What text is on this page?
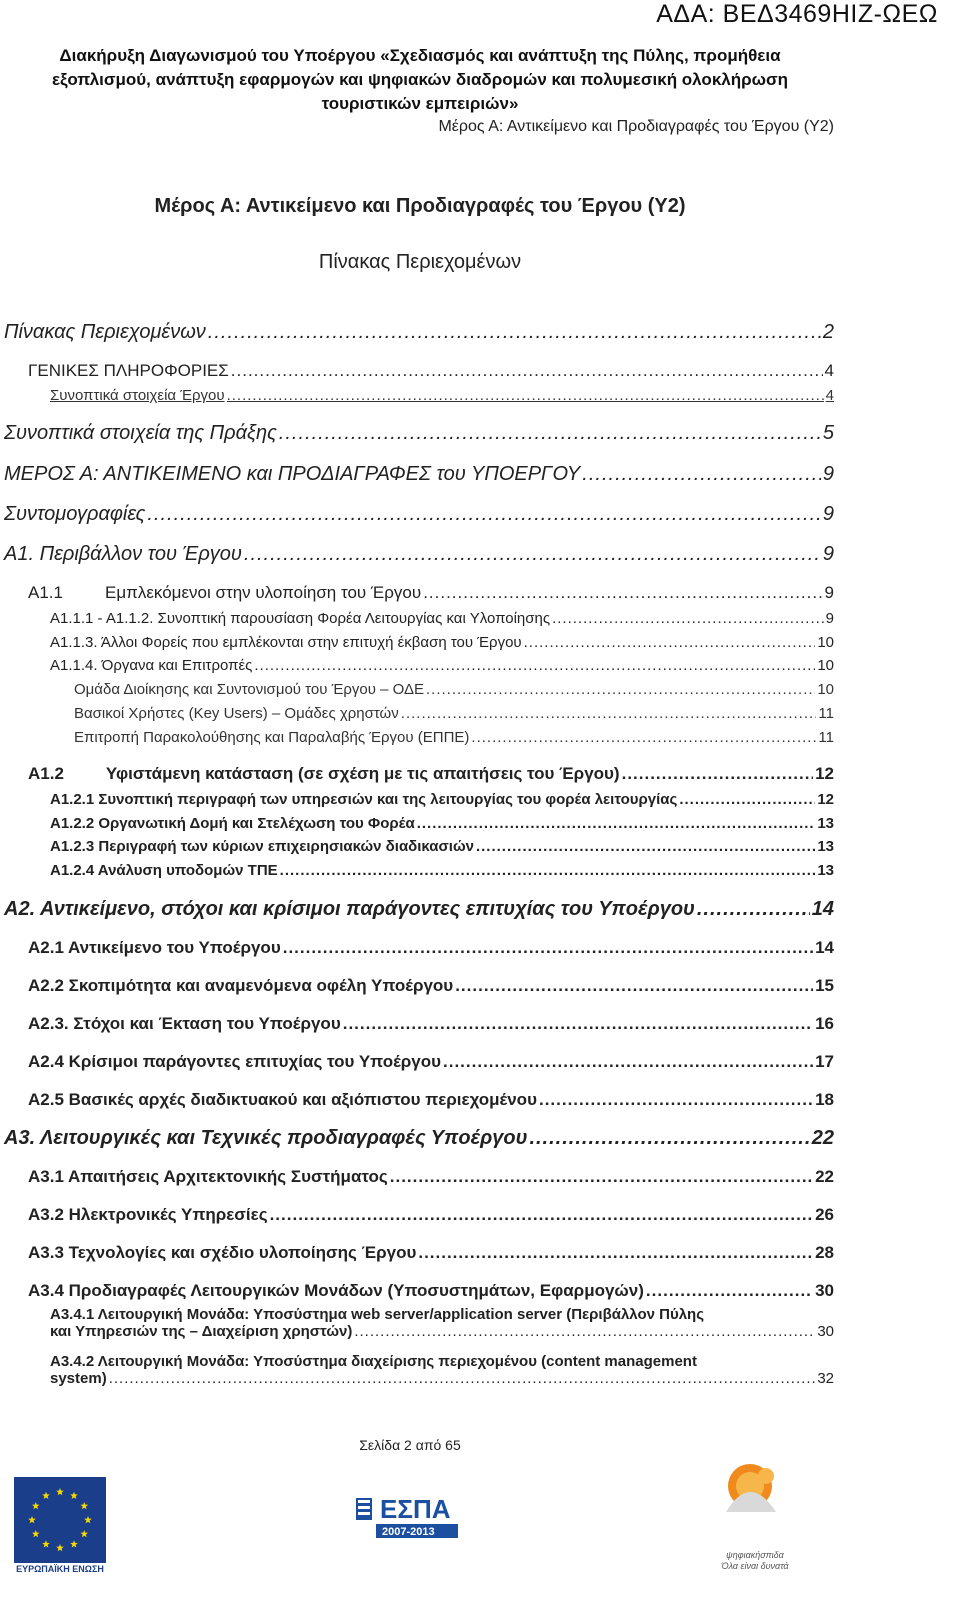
ΑΔΑ: ΒΕΔ3469ΗΙΖ-ΩΕΩ
Διακήρυξη Διαγωνισμού του Υποέργου «Σχεδιασμός και ανάπτυξη της Πύλης, προμήθεια
εξοπλισμού, ανάπτυξη εφαρμογών και ψηφιακών διαδρομών και πολυμεσική ολοκλήρωση
τουριστικών εμπειριών»
Μέρος Α: Αντικείμενο και Προδιαγραφές του Έργου (Υ2)
Μέρος Α: Αντικείμενο και Προδιαγραφές του Έργου (Υ2)
Πίνακας Περιεχομένων
Πίνακας Περιεχομένων .....	2
ΓΕΝΙΚΕΣ ΠΛΗΡΟΦΟΡΙΕΣ .....	4
Συνοπτικά στοιχεία Έργου .....	4
Συνοπτικά στοιχεία της Πράξης .....	5
ΜΕΡΟΣ Α: ΑΝΤΙΚΕΙΜΕΝΟ και ΠΡΟΔΙΑΓΡΑΦΕΣ του ΥΠΟΕΡΓΟΥ .....	9
Συντομογραφίες .....	9
Α1. Περιβάλλον του Έργου .....	9
Α1.1 Εμπλεκόμενοι στην υλοποίηση του Έργου .....	9
Α1.1.1 - Α1.1.2. Συνοπτική παρουσίαση Φορέα Λειτουργίας και Υλοποίησης .....	9
Α1.1.3. Άλλοι Φορείς που εμπλέκονται στην επιτυχή έκβαση του Έργου .....	10
Α1.1.4. Όργανα και Επιτροπές .....	10
Ομάδα Διοίκησης και Συντονισμού του Έργου – ΟΔΕ .....	10
Βασικοί Χρήστες (Key Users) – Ομάδες χρηστών .....	11
Επιτροπή Παρακολούθησης και Παραλαβής Έργου (ΕΠΠΕ) .....	11
Α1.2 Υφιστάμενη κατάσταση (σε σχέση με τις απαιτήσεις του Έργου) .....	12
Α1.2.1 Συνοπτική περιγραφή των υπηρεσιών και της λειτουργίας του φορέα λειτουργίας .....	12
Α1.2.2 Οργανωτική Δομή και Στελέχωση του Φορέα .....	13
Α1.2.3 Περιγραφή των κύριων επιχειρησιακών διαδικασιών .....	13
Α1.2.4 Ανάλυση υποδομών ΤΠΕ .....	13
Α2. Αντικείμενο, στόχοι και κρίσιμοι παράγοντες επιτυχίας του Υποέργου .....	14
Α2.1 Αντικείμενο του Υποέργου .....	14
Α2.2 Σκοπιμότητα και αναμενόμενα οφέλη Υποέργου .....	15
Α2.3. Στόχοι και Έκταση του Υποέργου .....	16
Α2.4 Κρίσιμοι παράγοντες επιτυχίας του Υποέργου .....	17
Α2.5 Βασικές αρχές διαδικτυακού και αξιόπιστου περιεχομένου .....	18
Α3. Λειτουργικές και Τεχνικές προδιαγραφές Υποέργου .....	22
Α3.1 Απαιτήσεις Αρχιτεκτονικής Συστήματος .....	22
Α3.2 Ηλεκτρονικές Υπηρεσίες .....	26
Α3.3 Τεχνολογίες και σχέδιο υλοποίησης Έργου .....	28
Α3.4 Προδιαγραφές Λειτουργικών Μονάδων (Υποσυστημάτων, Εφαρμογών) .....	30
Α3.4.1 Λειτουργική Μονάδα: Υποσύστημα web server/application server (Περιβάλλον Πύλης
και Υπηρεσιών της – Διαχείριση χρηστών) .....	30
Α3.4.2 Λειτουργική Μονάδα: Υποσύστημα διαχείρισης περιεχομένου (content management
system) .....	32
Σελίδα 2 από 65
ΕΥΡΩΠΑΪΚΗ ΕΝΩΣΗ
ΕΣΠΑ
2007-2013
ψηφιακήσπιδα
Όλα είναι δυνατά
